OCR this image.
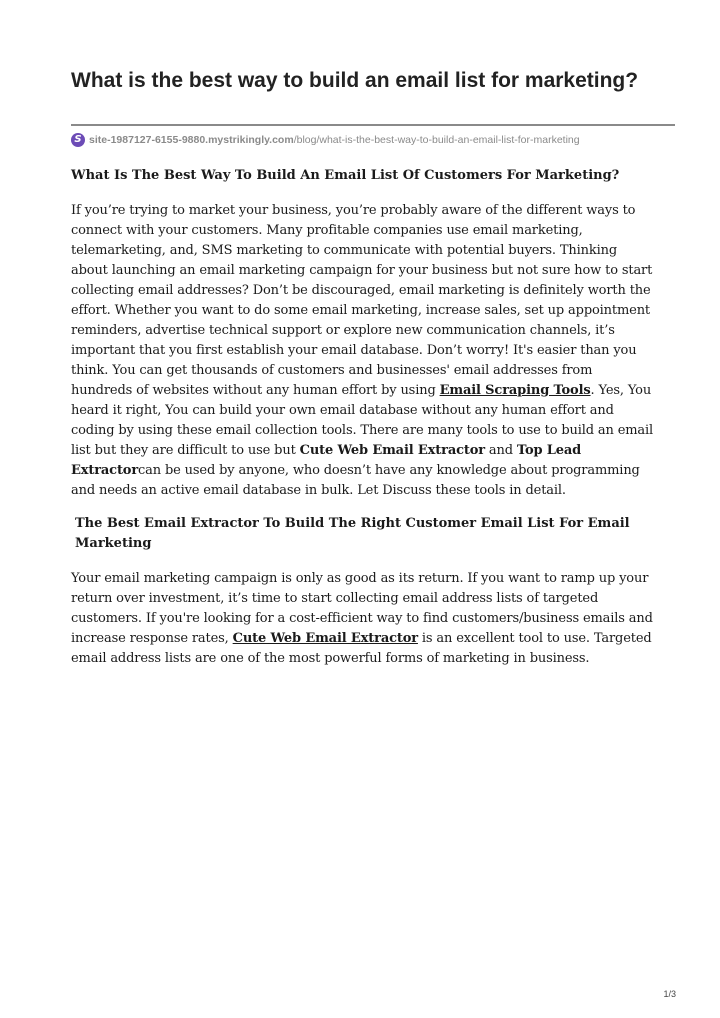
What is the best way to build an email list for marketing?
S site-1987127-6155-9880.mystrikingly.com /blog/what-is-the-best-way-to-build-an-email-list-for-marketing
What Is The Best Way To Build An Email List Of Customers For Marketing?

If you’re trying to market your business, you’re probably aware of the different ways to connect with your customers. Many profitable companies use email marketing, telemarketing, and, SMS marketing to communicate with potential buyers. Thinking about launching an email marketing campaign for your business but not sure how to start collecting email addresses? Don’t be discouraged, email marketing is definitely worth the effort. Whether you want to do some email marketing, increase sales, set up appointment reminders, advertise technical support or explore new communication channels, it’s important that you first establish your email database. Don’t worry! It's easier than you think. You can get thousands of customers and businesses' email addresses from hundreds of websites without any human effort by using Email Scraping Tools. Yes, You heard it right, You can build your own email database without any human effort and coding by using these email collection tools. There are many tools to use to build an email list but they are difficult to use but Cute Web Email Extractor and Top Lead Extractorcan be used by anyone, who doesn’t have any knowledge about programming and needs an active email database in bulk. Let Discuss these tools in detail.

The Best Email Extractor To Build The Right Customer Email List For Email Marketing

Your email marketing campaign is only as good as its return. If you want to ramp up your return over investment, it’s time to start collecting email address lists of targeted customers. If you're looking for a cost-efficient way to find customers/business emails and increase response rates, Cute Web Email Extractor is an excellent tool to use. Targeted email address lists are one of the most powerful forms of marketing in business.

1/3
